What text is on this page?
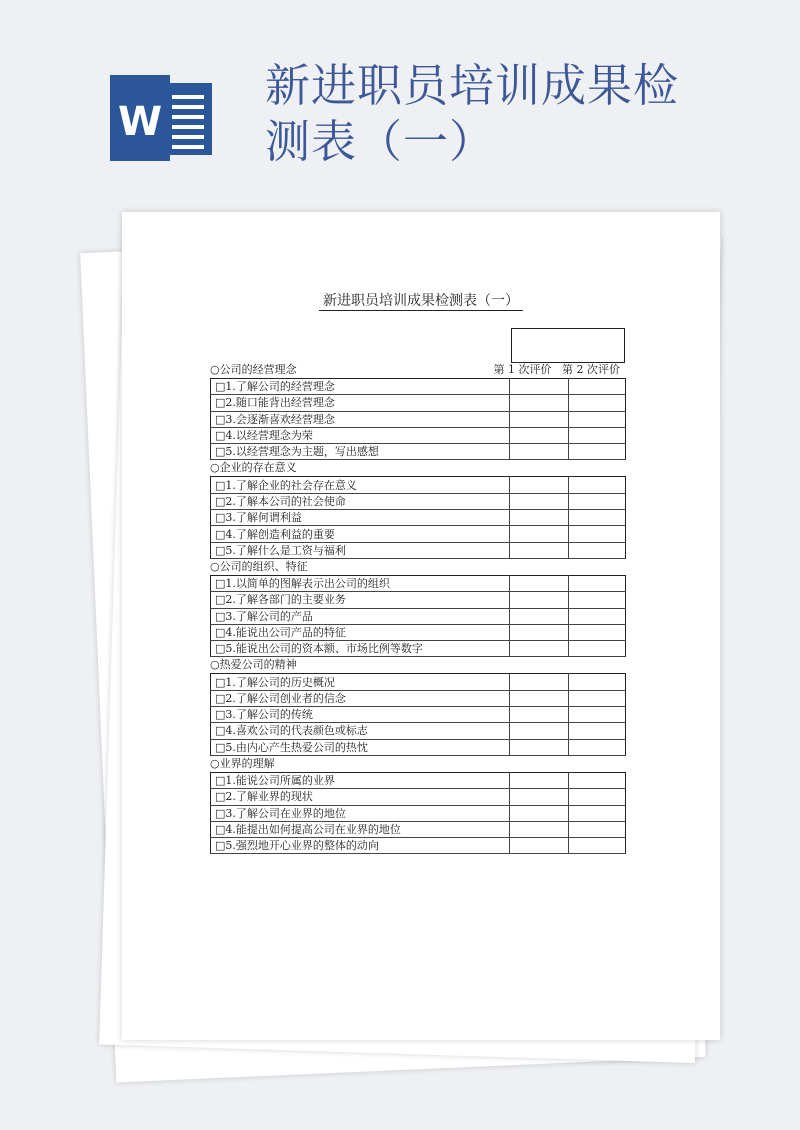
W
新进职员培训成果检测表（一）
新进职员培训成果检测表（一）
○公司的经营理念	第 1 次评价 第 2 次评价
□1.了解公司的经营理念		
□2.随口能背出经营理念		
□3.会逐渐喜欢经营理念		
□4.以经营理念为荣		
□5.以经营理念为主题，写出感想		
○企业的存在意义
□1.了解企业的社会存在意义		
□2.了解本公司的社会使命		
□3.了解何谓利益		
□4.了解创造利益的重要		
□5.了解什么是工资与福利		
○公司的组织、特征
□1.以简单的图解表示出公司的组织		
□2.了解各部门的主要业务		
□3.了解公司的产品		
□4.能说出公司产品的特征		
□5.能说出公司的资本额、市场比例等数字		
○热爱公司的精神
□1.了解公司的历史概况		
□2.了解公司创业者的信念		
□3.了解公司的传统		
□4.喜欢公司的代表颜色或标志		
□5.由内心产生热爱公司的热忱		
○业界的理解
□1.能说公司所属的业界		
□2.了解业界的现状		
□3.了解公司在业界的地位		
□4.能提出如何提高公司在业界的地位		
□5.强烈地开心业界的整体的动向		
